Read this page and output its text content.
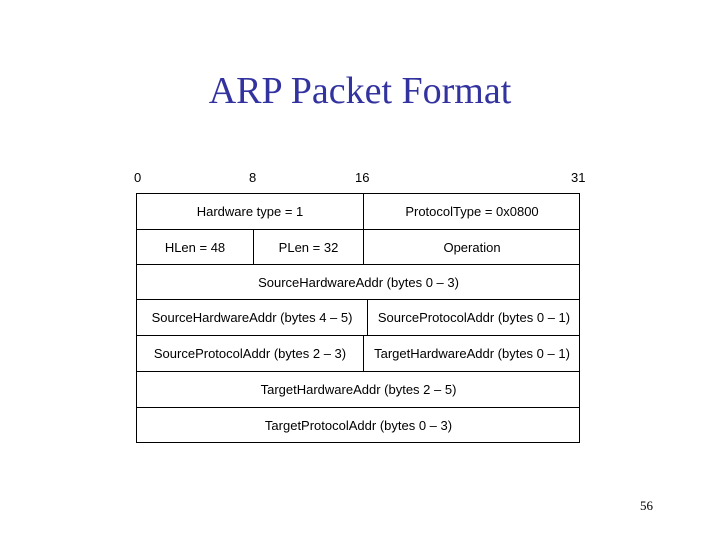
ARP Packet Format
0	8	16	31
Hardware type = 1	ProtocolType = 0x0800
HLen = 48	PLen = 32	Operation
SourceHardwareAddr (bytes 0 – 3)
SourceHardwareAddr (bytes 4 – 5)	SourceProtocolAddr (bytes 0 – 1)
SourceProtocolAddr (bytes 2 – 3)	TargetHardwareAddr (bytes 0 – 1)
TargetHardwareAddr (bytes 2 – 5)
TargetProtocolAddr (bytes 0 – 3)
56
